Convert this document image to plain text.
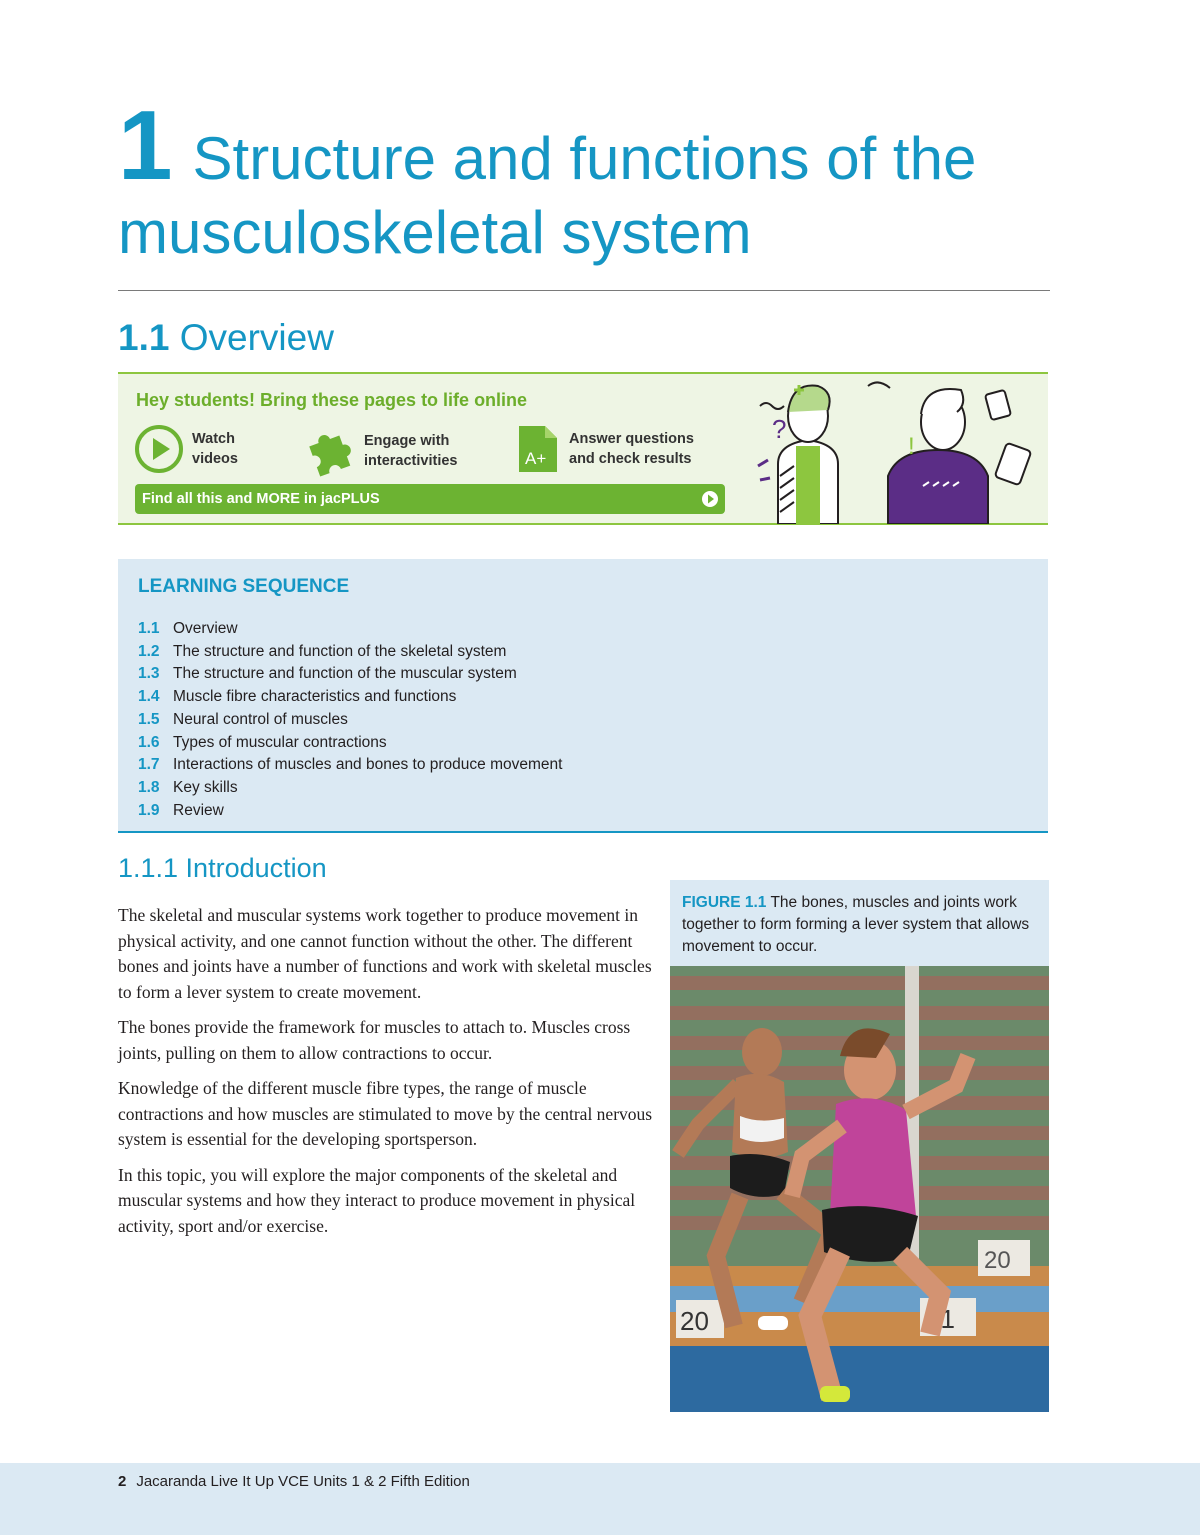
1 Structure and functions of the musculoskeletal system
1.1 Overview

Hey students! Bring these pages to life online

Watch
videos
Engage with
interactivities	A+
Answer questions
and check results
Find all this and MORE in jacPLUS
?
!
LEARNING SEQUENCE
1.1 Overview
1.2 The structure and function of the skeletal system
1.3 The structure and function of the muscular system
1.4 Muscle fibre characteristics and functions
1.5 Neural control of muscles
1.6 Types of muscular contractions
1.7 Interactions of muscles and bones to produce movement
1.8 Key skills
1.9 Review
1.1.1 Introduction

The skeletal and muscular systems work together to produce movement in physical activity, and one cannot function without the other. The different bones and joints have a number of functions and work with skeletal muscles to form a lever system to create movement.

The bones provide the framework for muscles to attach to. Muscles cross joints, pulling on them to allow contractions to occur.

Knowledge of the different muscle fibre types, the range of muscle contractions and how muscles are stimulated to move by the central nervous system is essential for the developing sportsperson.

In this topic, you will explore the major components of the skeletal and muscular systems and how they interact to produce movement in physical activity, sport and/or exercise.

FIGURE 1.1 The bones, muscles and joints work together to form forming a lever system that allows movement to occur.
20
20
21
2 Jacaranda Live It Up VCE Units 1 & 2 Fifth Edition
